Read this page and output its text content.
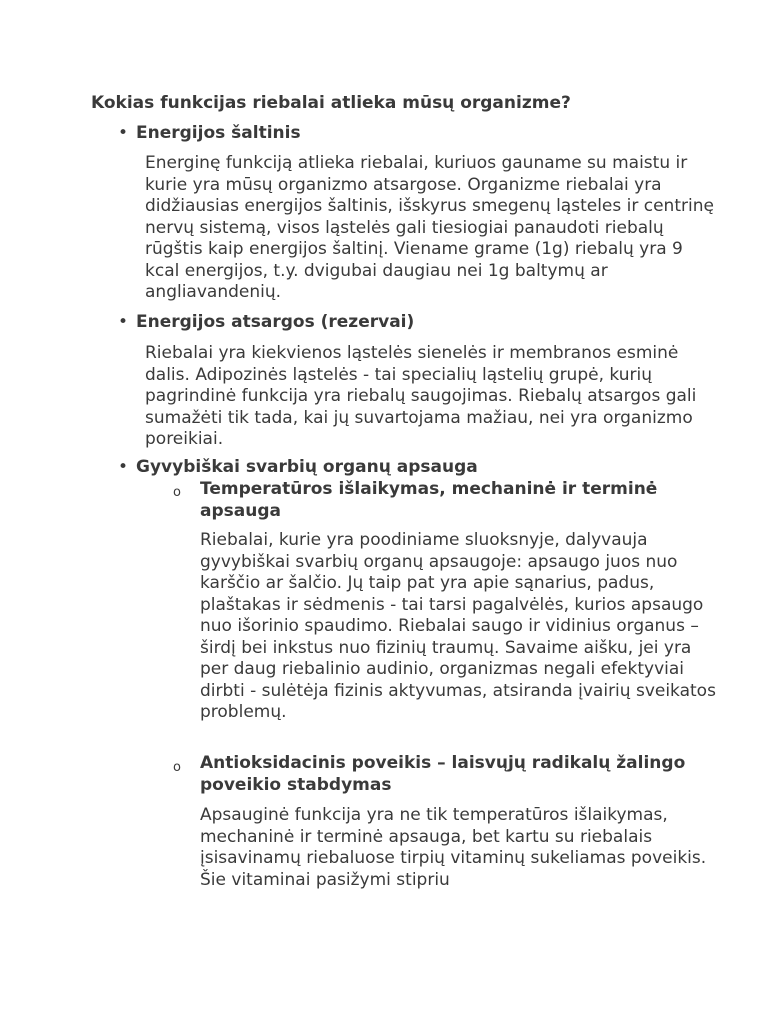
Kokias funkcijas riebalai atlieka mūsų organizme?
• Energijos šaltinis

Energinę funkciją atlieka riebalai, kuriuos gauname su maistu ir kurie yra mūsų organizmo atsargose. Organizme riebalai yra didžiausias energijos šaltinis, išskyrus smegenų ląsteles ir centrinę nervų sistemą, visos ląstelės gali tiesiogiai panaudoti riebalų rūgštis kaip energijos šaltinį. Viename grame (1g) riebalų yra 9 kcal energijos, t.y. dvigubai daugiau nei 1g baltymų ar angliavandenių.

• Energijos atsargos (rezervai)

Riebalai yra kiekvienos ląstelės sienelės ir membranos esminė dalis. Adipozinės ląstelės - tai specialių ląstelių grupė, kurių pagrindinė funkcija yra riebalų saugojimas. Riebalų atsargos gali sumažėti tik tada, kai jų suvartojama mažiau, nei yra organizmo poreikiai.

• Gyvybiškai svarbių organų apsauga
o Temperatūros išlaikymas, mechaninė ir terminė apsauga

Riebalai, kurie yra poodiniame sluoksnyje, dalyvauja gyvybiškai svarbių organų apsaugoje: apsaugo juos nuo karščio ar šalčio. Jų taip pat yra apie sąnarius, padus, plaštakas ir sėdmenis - tai tarsi pagalvėlės, kurios apsaugo nuo išorinio spaudimo. Riebalai saugo ir vidinius organus – širdį bei inkstus nuo fizinių traumų. Savaime aišku, jei yra per daug riebalinio audinio, organizmas negali efektyviai dirbti - sulėtėja fizinis aktyvumas, atsiranda įvairių sveikatos problemų.

o Antioksidacinis poveikis – laisvųjų radikalų žalingo poveikio stabdymas

Apsauginė funkcija yra ne tik temperatūros išlaikymas, mechaninė ir terminė apsauga, bet kartu su riebalais įsisavinamų riebaluose tirpių vitaminų sukeliamas poveikis. Šie vitaminai pasižymi stipriu
